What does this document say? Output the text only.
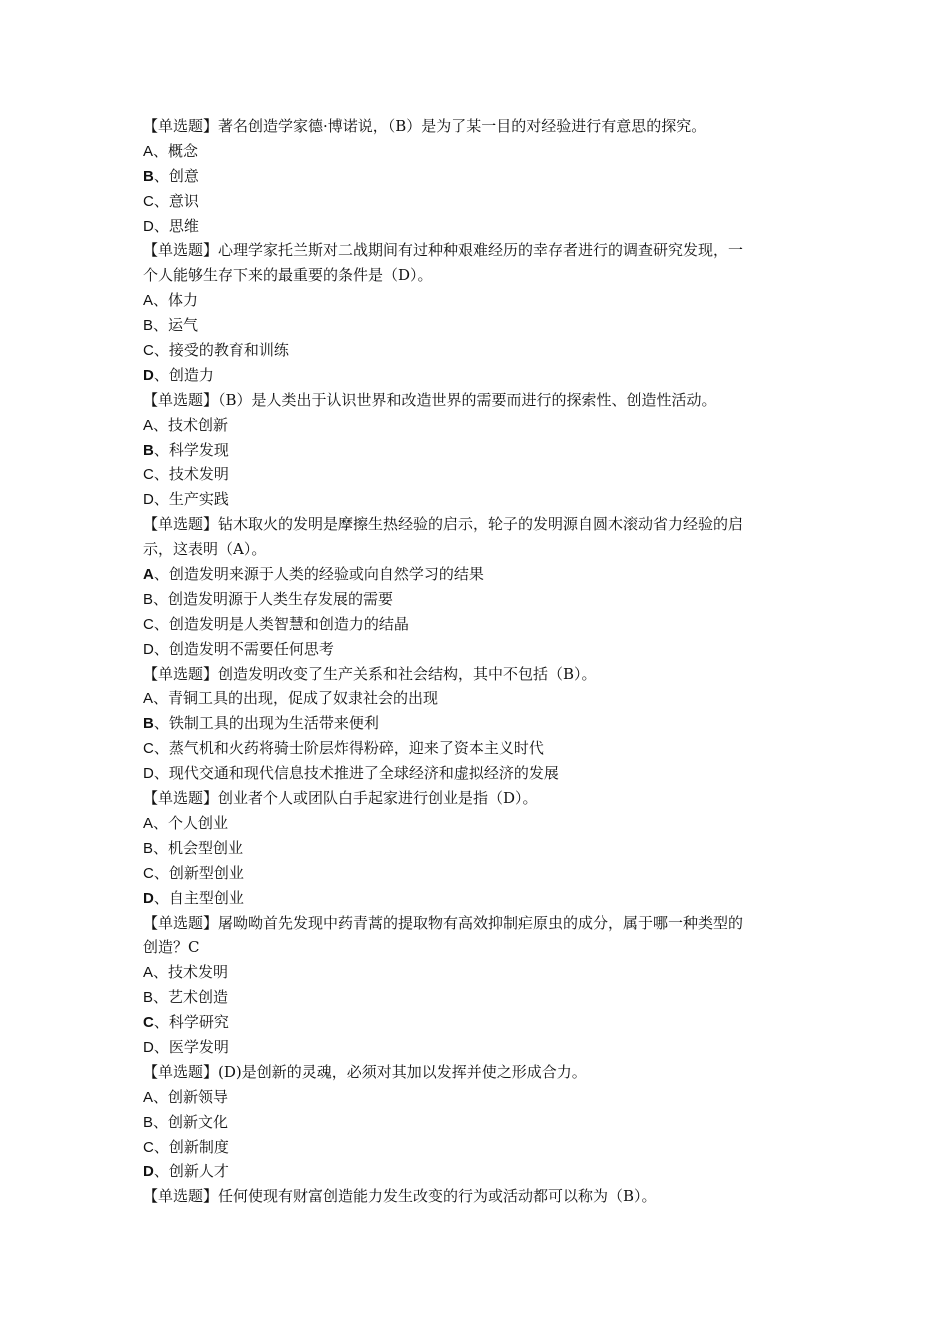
【单选题】著名创造学家德·博诺说，（B）是为了某一目的对经验进行有意思的探究。
A、概念
B、创意
C、意识
D、思维
【单选题】心理学家托兰斯对二战期间有过种种艰难经历的幸存者进行的调查研究发现，一
个人能够生存下来的最重要的条件是（D）。
A、体力
B、运气
C、接受的教育和训练
D、创造力
【单选题】（B）是人类出于认识世界和改造世界的需要而进行的探索性、创造性活动。
A、技术创新
B、科学发现
C、技术发明
D、生产实践
【单选题】钻木取火的发明是摩擦生热经验的启示，轮子的发明源自圆木滚动省力经验的启
示，这表明（A）。
A、创造发明来源于人类的经验或向自然学习的结果
B、创造发明源于人类生存发展的需要
C、创造发明是人类智慧和创造力的结晶
D、创造发明不需要任何思考
【单选题】创造发明改变了生产关系和社会结构，其中不包括（B）。
A、青铜工具的出现，促成了奴隶社会的出现
B、铁制工具的出现为生活带来便利
C、蒸气机和火药将骑士阶层炸得粉碎，迎来了资本主义时代
D、现代交通和现代信息技术推进了全球经济和虚拟经济的发展
【单选题】创业者个人或团队白手起家进行创业是指（D）。
A、个人创业
B、机会型创业
C、创新型创业
D、自主型创业
【单选题】屠呦呦首先发现中药青蒿的提取物有高效抑制疟原虫的成分，属于哪一种类型的
创造？C
A、技术发明
B、艺术创造
C、科学研究
D、医学发明
【单选题】(D)是创新的灵魂，必须对其加以发挥并使之形成合力。
A、创新领导
B、创新文化
C、创新制度
D、创新人才
【单选题】任何使现有财富创造能力发生改变的行为或活动都可以称为（B）。
